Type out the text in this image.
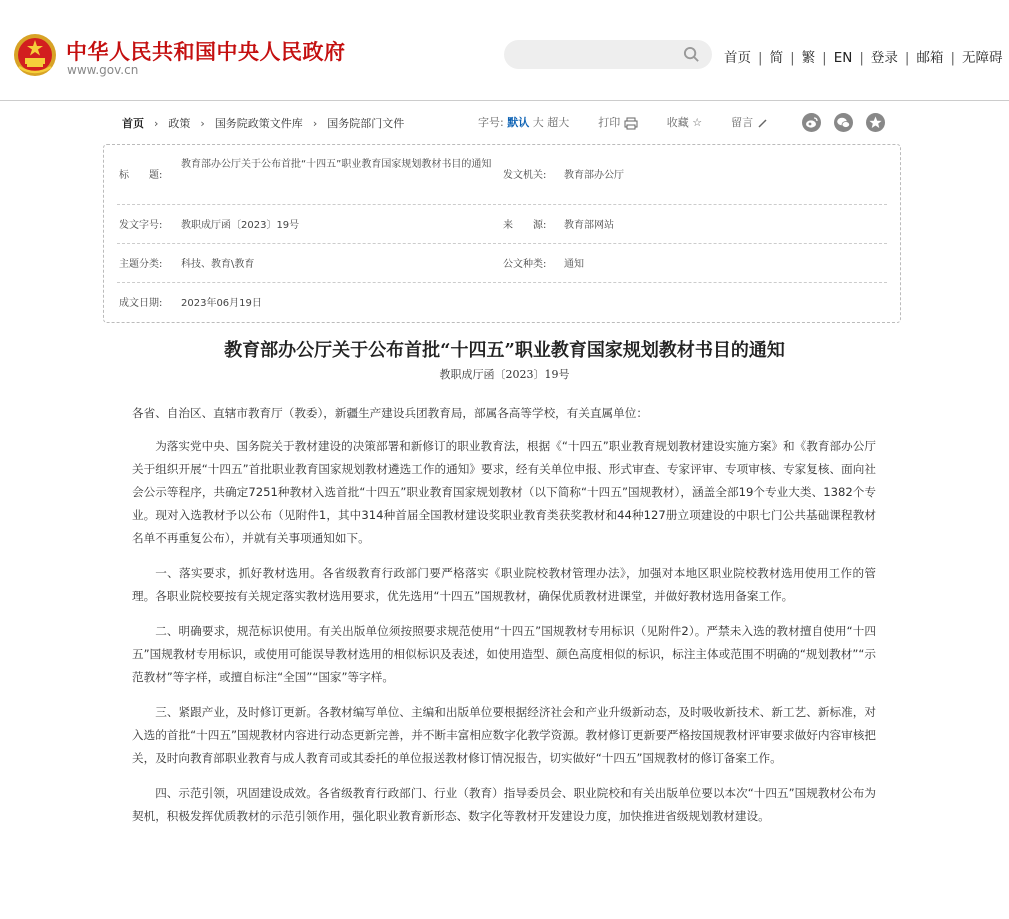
中华人民共和国中央人民政府
www.gov.cn
首页 | 简 | 繁 | EN | 登录 | 邮箱 | 无障碍
首页 › 政策 › 国务院政策文件库 › 国务院部门文件	字号: 默认 大 超大	打印	收藏 ☆	留言

标　　题:
教育部办公厅关于公布首批“十四五”职业教育国家规划教材书目的通知
发文机关: 教育部办公厅
发文字号: 教职成厅函〔2023〕19号	来　　源: 教育部网站
主题分类: 科技、教育\教育	公文种类: 通知
成文日期: 2023年06月19日
教育部办公厅关于公布首批“十四五”职业教育国家规划教材书目的通知
教职成厅函〔2023〕19号

各省、自治区、直辖市教育厅（教委），新疆生产建设兵团教育局，部属各高等学校，有关直属单位：

为落实党中央、国务院关于教材建设的决策部署和新修订的职业教育法，根据《“十四五”职业教育规划教材建设实施方案》和《教育部办公厅关于组织开展“十四五”首批职业教育国家规划教材遴选工作的通知》要求，经有关单位申报、形式审查、专家评审、专项审核、专家复核、面向社会公示等程序，共确定7251种教材入选首批“十四五”职业教育国家规划教材（以下简称“十四五”国规教材），涵盖全部19个专业大类、1382个专业。现对入选教材予以公布（见附件1，其中314种首届全国教材建设奖职业教育类获奖教材和44种127册立项建设的中职七门公共基础课程教材名单不再重复公布），并就有关事项通知如下。

一、落实要求，抓好教材选用。各省级教育行政部门要严格落实《职业院校教材管理办法》，加强对本地区职业院校教材选用使用工作的管理。各职业院校要按有关规定落实教材选用要求，优先选用“十四五”国规教材，确保优质教材进课堂，并做好教材选用备案工作。

二、明确要求，规范标识使用。有关出版单位须按照要求规范使用“十四五”国规教材专用标识（见附件2）。严禁未入选的教材擅自使用“十四五”国规教材专用标识，或使用可能误导教材选用的相似标识及表述，如使用造型、颜色高度相似的标识，标注主体或范围不明确的“规划教材”“示范教材”等字样，或擅自标注“全国”“国家”等字样。

三、紧跟产业，及时修订更新。各教材编写单位、主编和出版单位要根据经济社会和产业升级新动态，及时吸收新技术、新工艺、新标准，对入选的首批“十四五”国规教材内容进行动态更新完善，并不断丰富相应数字化教学资源。教材修订更新要严格按国规教材评审要求做好内容审核把关，及时向教育部职业教育与成人教育司或其委托的单位报送教材修订情况报告，切实做好“十四五”国规教材的修订备案工作。

四、示范引领，巩固建设成效。各省级教育行政部门、行业（教育）指导委员会、职业院校和有关出版单位要以本次“十四五”国规教材公布为契机，积极发挥优质教材的示范引领作用，强化职业教育新形态、数字化等教材开发建设力度，加快推进省级规划教材建设。
